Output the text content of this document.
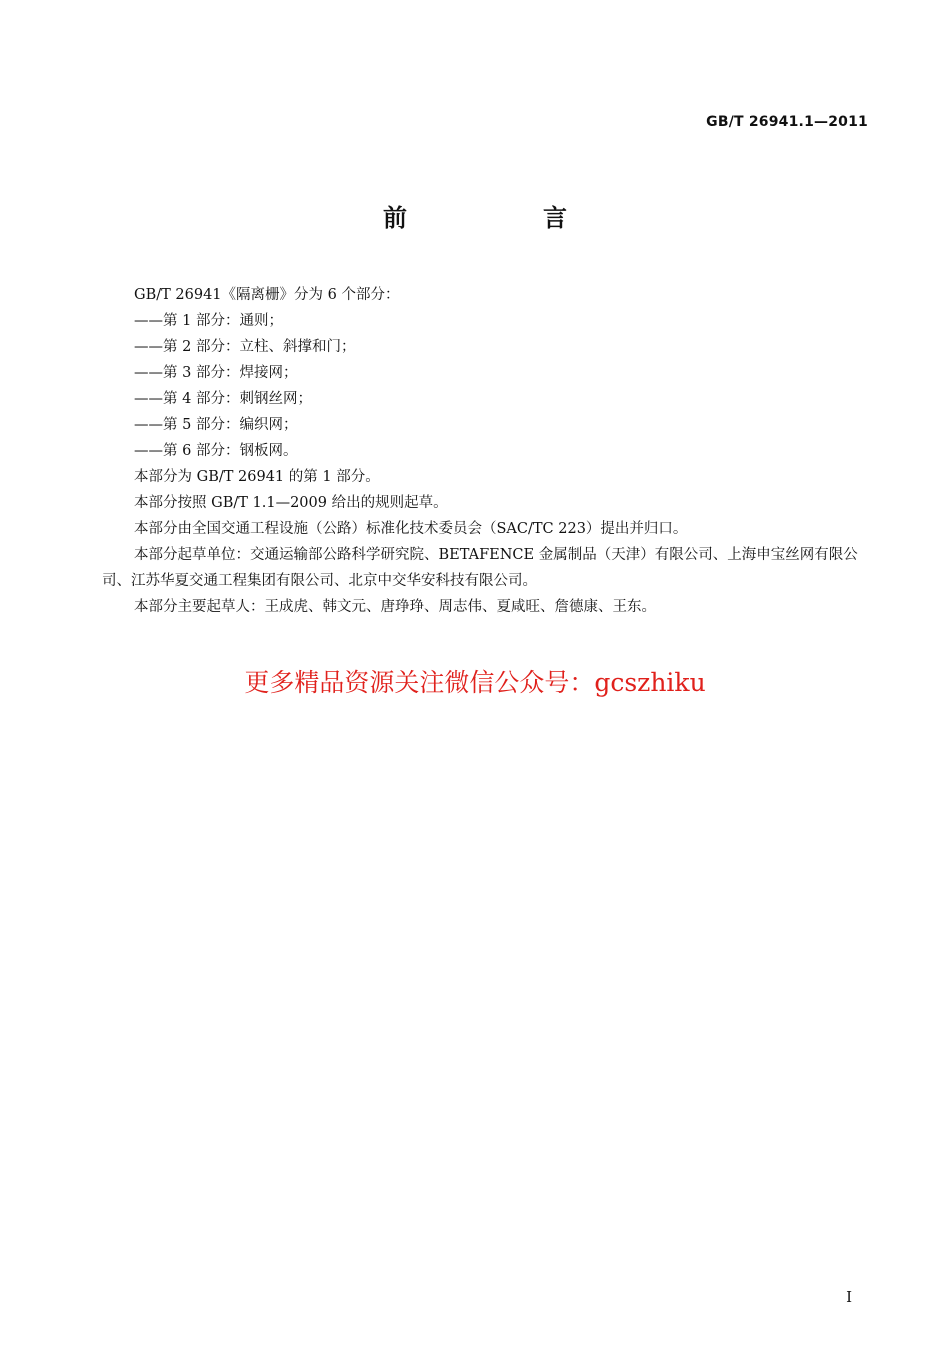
GB/T 26941.1—2011
前　言
GB/T 26941《隔离栅》分为 6 个部分：
——第 1 部分：通则；
——第 2 部分：立柱、斜撑和门；
——第 3 部分：焊接网；
——第 4 部分：刺钢丝网；
——第 5 部分：编织网；
——第 6 部分：钢板网。
本部分为 GB/T 26941 的第 1 部分。
本部分按照 GB/T 1.1—2009 给出的规则起草。
本部分由全国交通工程设施（公路）标准化技术委员会（SAC/TC 223）提出并归口。
本部分起草单位：交通运输部公路科学研究院、BETAFENCE 金属制品（天津）有限公司、上海申宝丝网有限公司、江苏华夏交通工程集团有限公司、北京中交华安科技有限公司。
本部分主要起草人：王成虎、韩文元、唐琤琤、周志伟、夏咸旺、詹德康、王东。
更多精品资源关注微信公众号：gcszhiku
I
